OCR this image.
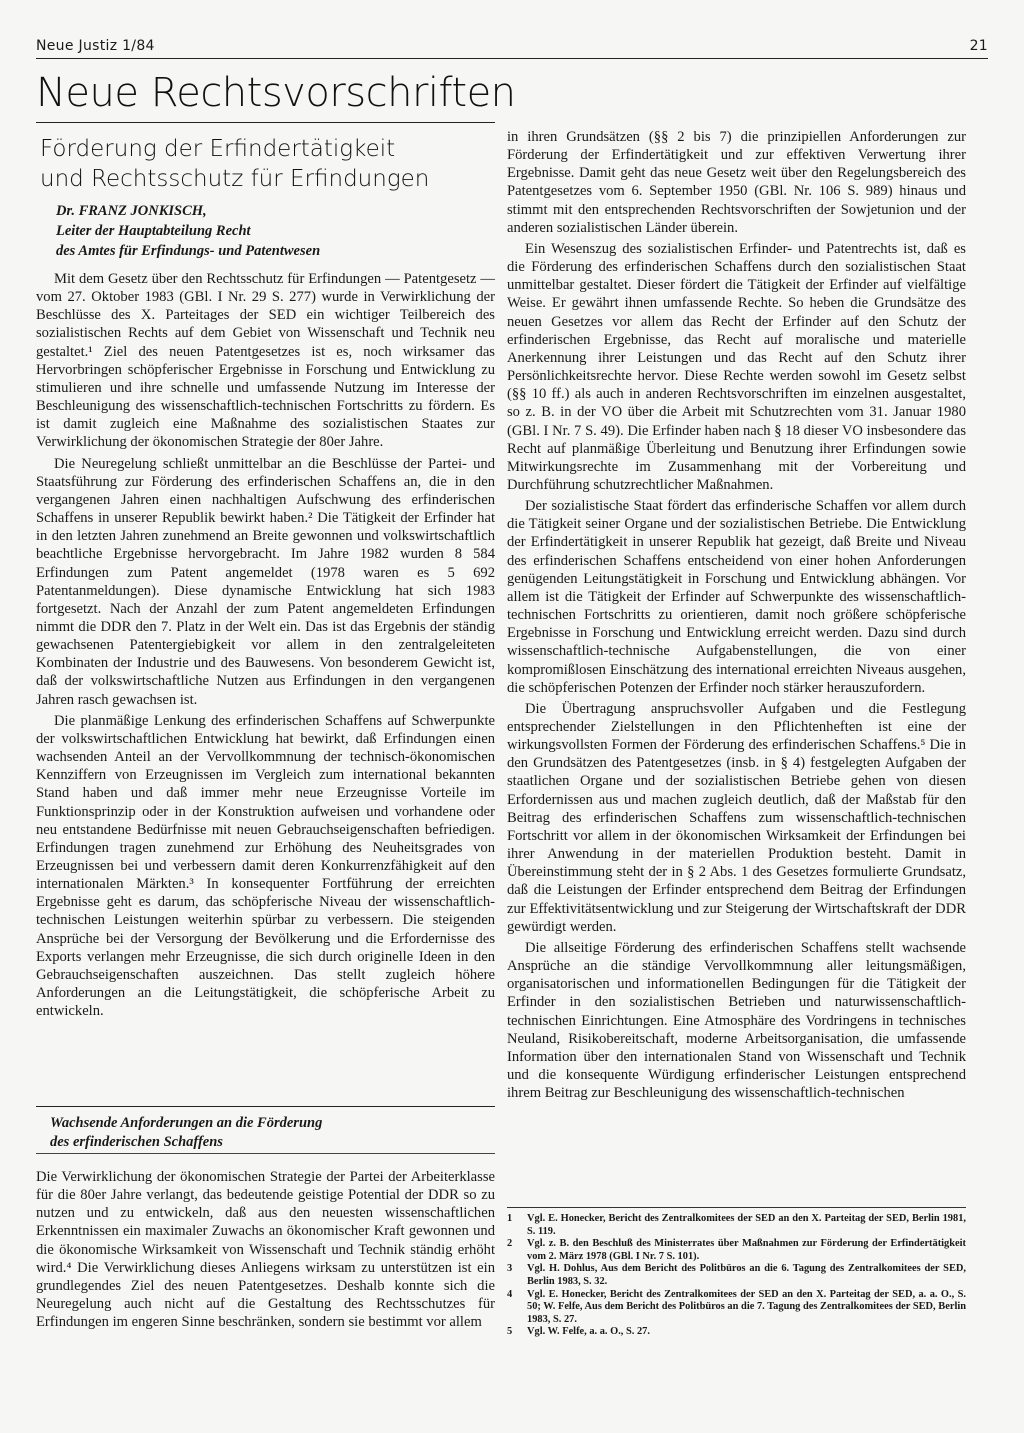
Neue Justiz 1/84	21
Neue Rechtsvorschriften
Förderung der Erfindertätigkeit
und Rechtsschutz für Erfindungen
Dr. FRANZ JONKISCH,
Leiter der Hauptabteilung Recht
des Amtes für Erfindungs- und Patentwesen

Mit dem Gesetz über den Rechtsschutz für Erfindungen — Patentgesetz — vom 27. Oktober 1983 (GBl. I Nr. 29 S. 277) wurde in Verwirklichung der Beschlüsse des X. Parteitages der SED ein wichtiger Teilbereich des sozialistischen Rechts auf dem Gebiet von Wissenschaft und Technik neu gestaltet.¹ Ziel des neuen Patentgesetzes ist es, noch wirksamer das Hervorbringen schöpferischer Ergebnisse in Forschung und Entwicklung zu stimulieren und ihre schnelle und umfassende Nutzung im Interesse der Beschleunigung des wissenschaftlich-technischen Fortschritts zu fördern. Es ist damit zugleich eine Maßnahme des sozialistischen Staates zur Verwirklichung der ökonomischen Strategie der 80er Jahre.

Die Neuregelung schließt unmittelbar an die Beschlüsse der Partei- und Staatsführung zur Förderung des erfinderischen Schaffens an, die in den vergangenen Jahren einen nachhaltigen Aufschwung des erfinderischen Schaffens in unserer Republik bewirkt haben.² Die Tätigkeit der Erfinder hat in den letzten Jahren zunehmend an Breite gewonnen und volkswirtschaftlich beachtliche Ergebnisse hervorgebracht. Im Jahre 1982 wurden 8 584 Erfindungen zum Patent angemeldet (1978 waren es 5 692 Patentanmeldungen). Diese dynamische Entwicklung hat sich 1983 fortgesetzt. Nach der Anzahl der zum Patent angemeldeten Erfindungen nimmt die DDR den 7. Platz in der Welt ein. Das ist das Ergebnis der ständig gewachsenen Patentergiebigkeit vor allem in den zentralgeleiteten Kombinaten der Industrie und des Bauwesens. Von besonderem Gewicht ist, daß der volkswirtschaftliche Nutzen aus Erfindungen in den vergangenen Jahren rasch gewachsen ist.

Die planmäßige Lenkung des erfinderischen Schaffens auf Schwerpunkte der volkswirtschaftlichen Entwicklung hat bewirkt, daß Erfindungen einen wachsenden Anteil an der Vervollkommnung der technisch-ökonomischen Kennziffern von Erzeugnissen im Vergleich zum international bekannten Stand haben und daß immer mehr neue Erzeugnisse Vorteile im Funktionsprinzip oder in der Konstruktion aufweisen und vorhandene oder neu entstandene Bedürfnisse mit neuen Gebrauchseigenschaften befriedigen. Erfindungen tragen zunehmend zur Erhöhung des Neuheitsgrades von Erzeugnissen bei und verbessern damit deren Konkurrenzfähigkeit auf den internationalen Märkten.³ In konsequenter Fortführung der erreichten Ergebnisse geht es darum, das schöpferische Niveau der wissenschaftlich-technischen Leistungen weiterhin spürbar zu verbessern. Die steigenden Ansprüche bei der Versorgung der Bevölkerung und die Erfordernisse des Exports verlangen mehr Erzeugnisse, die sich durch originelle Ideen in den Gebrauchseigenschaften auszeichnen. Das stellt zugleich höhere Anforderungen an die Leitungstätigkeit, die schöpferische Arbeit zu entwickeln.

Wachsende Anforderungen an die Förderung
des erfinderischen Schaffens

Die Verwirklichung der ökonomischen Strategie der Partei der Arbeiterklasse für die 80er Jahre verlangt, das bedeutende geistige Potential der DDR so zu nutzen und zu entwickeln, daß aus den neuesten wissenschaftlichen Erkenntnissen ein maximaler Zuwachs an ökonomischer Kraft gewonnen und die ökonomische Wirksamkeit von Wissenschaft und Technik ständig erhöht wird.⁴ Die Verwirklichung dieses Anliegens wirksam zu unterstützen ist ein grundlegendes Ziel des neuen Patentgesetzes. Deshalb konnte sich die Neuregelung auch nicht auf die Gestaltung des Rechtsschutzes für Erfindungen im engeren Sinne beschränken, sondern sie bestimmt vor allem

in ihren Grundsätzen (§§ 2 bis 7) die prinzipiellen Anforderungen zur Förderung der Erfindertätigkeit und zur effektiven Verwertung ihrer Ergebnisse. Damit geht das neue Gesetz weit über den Regelungsbereich des Patentgesetzes vom 6. September 1950 (GBl. Nr. 106 S. 989) hinaus und stimmt mit den entsprechenden Rechtsvorschriften der Sowjetunion und der anderen sozialistischen Länder überein.

Ein Wesenszug des sozialistischen Erfinder- und Patentrechts ist, daß es die Förderung des erfinderischen Schaffens durch den sozialistischen Staat unmittelbar gestaltet. Dieser fördert die Tätigkeit der Erfinder auf vielfältige Weise. Er gewährt ihnen umfassende Rechte. So heben die Grundsätze des neuen Gesetzes vor allem das Recht der Erfinder auf den Schutz der erfinderischen Ergebnisse, das Recht auf moralische und materielle Anerkennung ihrer Leistungen und das Recht auf den Schutz ihrer Persönlichkeitsrechte hervor. Diese Rechte werden sowohl im Gesetz selbst (§§ 10 ff.) als auch in anderen Rechtsvorschriften im einzelnen ausgestaltet, so z. B. in der VO über die Arbeit mit Schutzrechten vom 31. Januar 1980 (GBl. I Nr. 7 S. 49). Die Erfinder haben nach § 18 dieser VO insbesondere das Recht auf planmäßige Überleitung und Benutzung ihrer Erfindungen sowie Mitwirkungsrechte im Zusammenhang mit der Vorbereitung und Durchführung schutzrechtlicher Maßnahmen.

Der sozialistische Staat fördert das erfinderische Schaffen vor allem durch die Tätigkeit seiner Organe und der sozialistischen Betriebe. Die Entwicklung der Erfindertätigkeit in unserer Republik hat gezeigt, daß Breite und Niveau des erfinderischen Schaffens entscheidend von einer hohen Anforderungen genügenden Leitungstätigkeit in Forschung und Entwicklung abhängen. Vor allem ist die Tätigkeit der Erfinder auf Schwerpunkte des wissenschaftlich-technischen Fortschritts zu orientieren, damit noch größere schöpferische Ergebnisse in Forschung und Entwicklung erreicht werden. Dazu sind durch wissenschaftlich-technische Aufgabenstellungen, die von einer kompromißlosen Einschätzung des international erreichten Niveaus ausgehen, die schöpferischen Potenzen der Erfinder noch stärker herauszufordern.

Die Übertragung anspruchsvoller Aufgaben und die Festlegung entsprechender Zielstellungen in den Pflichtenheften ist eine der wirkungsvollsten Formen der Förderung des erfinderischen Schaffens.⁵ Die in den Grundsätzen des Patentgesetzes (insb. in § 4) festgelegten Aufgaben der staatlichen Organe und der sozialistischen Betriebe gehen von diesen Erfordernissen aus und machen zugleich deutlich, daß der Maßstab für den Beitrag des erfinderischen Schaffens zum wissenschaftlich-technischen Fortschritt vor allem in der ökonomischen Wirksamkeit der Erfindungen bei ihrer Anwendung in der materiellen Produktion besteht. Damit in Übereinstimmung steht der in § 2 Abs. 1 des Gesetzes formulierte Grundsatz, daß die Leistungen der Erfinder entsprechend dem Beitrag der Erfindungen zur Effektivitätsentwicklung und zur Steigerung der Wirtschaftskraft der DDR gewürdigt werden.

Die allseitige Förderung des erfinderischen Schaffens stellt wachsende Ansprüche an die ständige Vervollkommnung aller leitungsmäßigen, organisatorischen und informationellen Bedingungen für die Tätigkeit der Erfinder in den sozialistischen Betrieben und naturwissenschaftlich-technischen Einrichtungen. Eine Atmosphäre des Vordringens in technisches Neuland, Risikobereitschaft, moderne Arbeitsorganisation, die umfassende Information über den internationalen Stand von Wissenschaft und Technik und die konsequente Würdigung erfinderischer Leistungen entsprechend ihrem Beitrag zur Beschleunigung des wissenschaftlich-technischen

1	Vgl. E. Honecker, Bericht des Zentralkomitees der SED an den X. Parteitag der SED, Berlin 1981, S. 119.
2	Vgl. z. B. den Beschluß des Ministerrates über Maßnahmen zur Förderung der Erfindertätigkeit vom 2. März 1978 (GBl. I Nr. 7 S. 101).
3	Vgl. H. Dohlus, Aus dem Bericht des Politbüros an die 6. Tagung des Zentralkomitees der SED, Berlin 1983, S. 32.
4	Vgl. E. Honecker, Bericht des Zentralkomitees der SED an den X. Parteitag der SED, a. a. O., S. 50; W. Felfe, Aus dem Bericht des Politbüros an die 7. Tagung des Zentralkomitees der SED, Berlin 1983, S. 27.
5	Vgl. W. Felfe, a. a. O., S. 27.
